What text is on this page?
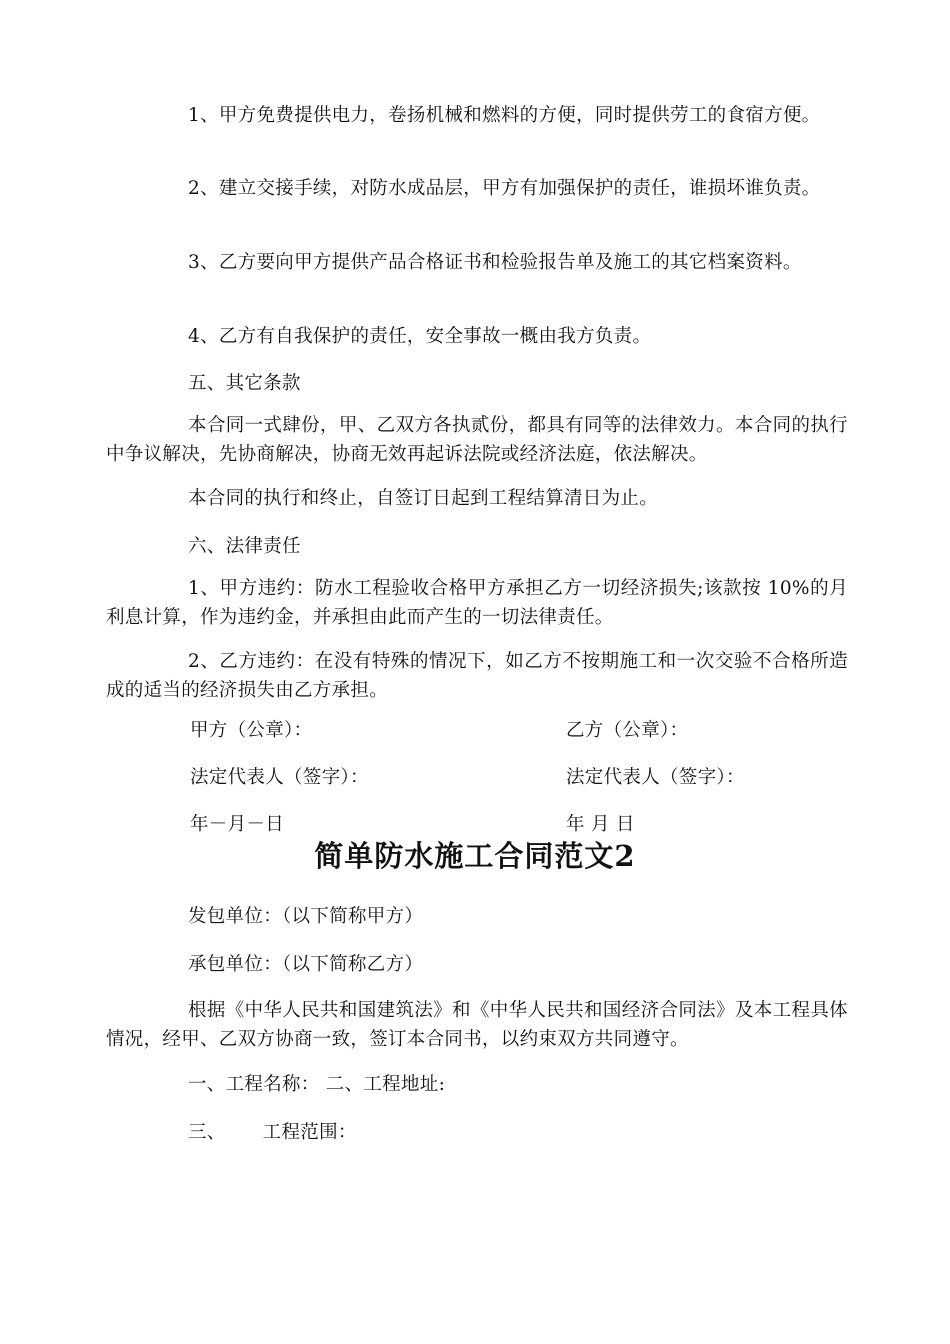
1、甲方免费提供电力，卷扬机械和燃料的方便，同时提供劳工的食宿方便。

2、建立交接手续，对防水成品层，甲方有加强保护的责任，谁损坏谁负责。

3、乙方要向甲方提供产品合格证书和检验报告单及施工的其它档案资料。

4、乙方有自我保护的责任，安全事故一概由我方负责。

五、其它条款

本合同一式肆份，甲、乙双方各执贰份，都具有同等的法律效力。本合同的执行中争议解决，先协商解决，协商无效再起诉法院或经济法庭，依法解决。

本合同的执行和终止，自签订日起到工程结算清日为止。

六、法律责任

1、甲方违约：防水工程验收合格甲方承担乙方一切经济损失;该款按 10%的月利息计算，作为违约金，并承担由此而产生的一切法律责任。

2、乙方违约：在没有特殊的情况下，如乙方不按期施工和一次交验不合格所造成的适当的经济损失由乙方承担。

甲方（公章）：	乙方（公章）：

法定代表人（签字）：	法定代表人（签字）：

年－月－日	年 月 日

简单防水施工合同范文2

发包单位：（以下简称甲方）

承包单位：（以下简称乙方）

根据《中华人民共和国建筑法》和《中华人民共和国经济合同法》及本工程具体情况，经甲、乙双方协商一致，签订本合同书，以约束双方共同遵守。

一、工程名称： 二、工程地址:

三、      工程范围：
